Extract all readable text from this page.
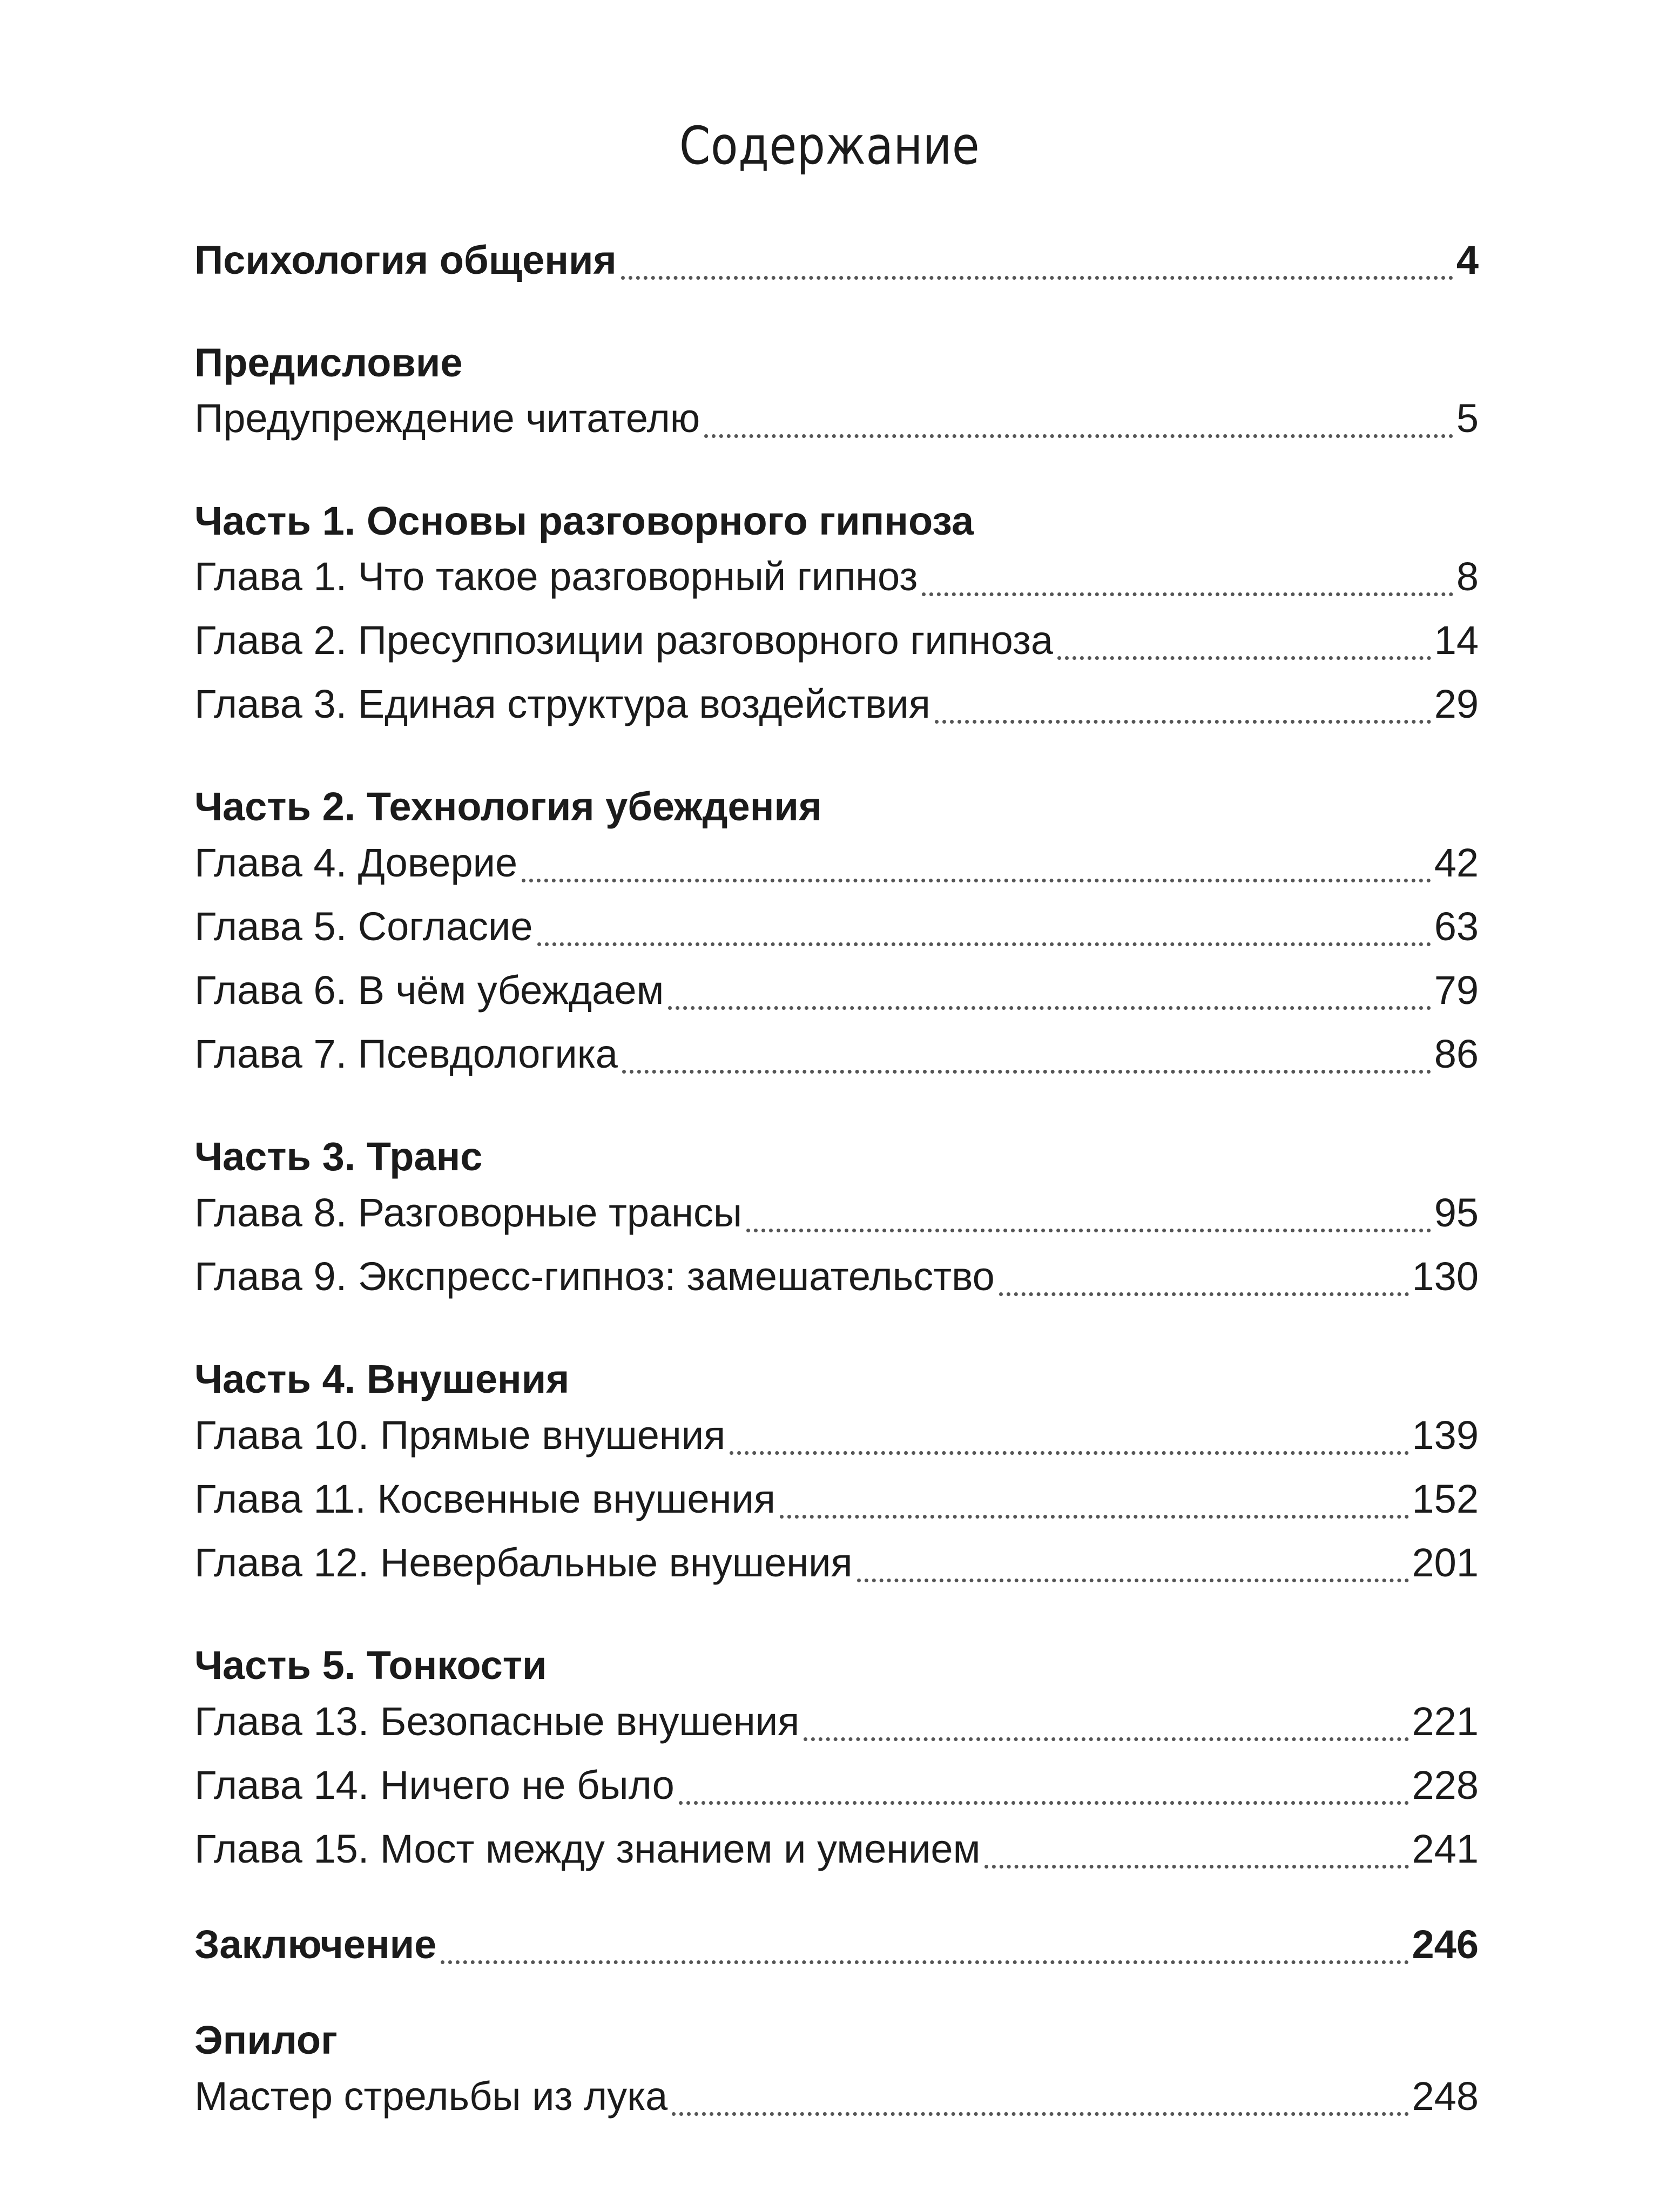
Содержание
Психология общения	4
Предисловие
Предупреждение читателю	5
Часть 1. Основы разговорного гипноза
Глава 1. Что такое разговорный гипноз	8
Глава 2. Пресуппозиции разговорного гипноза	14
Глава 3. Единая структура воздействия	29
Часть 2. Технология убеждения
Глава 4. Доверие	42
Глава 5. Согласие	63
Глава 6. В чём убеждаем	79
Глава 7. Псевдологика	86
Часть 3. Транс
Глава 8. Разговорные трансы	95
Глава 9. Экспресс-гипноз: замешательство	130
Часть 4. Внушения
Глава 10. Прямые внушения	139
Глава 11. Косвенные внушения	152
Глава 12. Невербальные внушения	201
Часть 5. Тонкости
Глава 13. Безопасные внушения	221
Глава 14. Ничего не было	228
Глава 15. Мост между знанием и умением	241
Заключение	246
Эпилог
Мастер стрельбы из лука	248
